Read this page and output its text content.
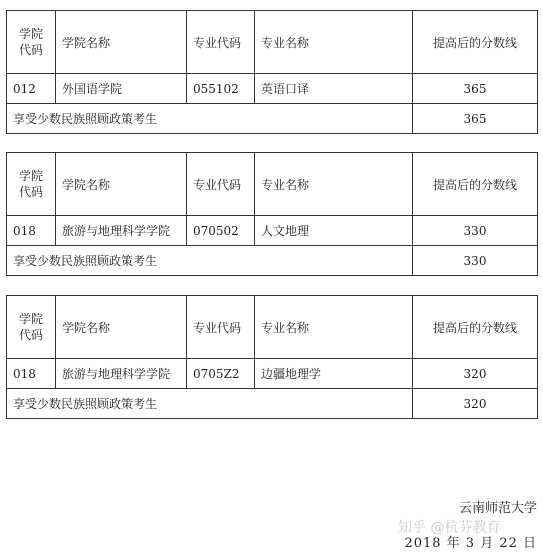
学院
代码	学院名称	专业代码	专业名称	提高后的分数线
012	外国语学院	055102	英语口译	365
享受少数民族照顾政策考生				365
学院
代码	学院名称	专业代码	专业名称	提高后的分数线
018	旅游与地理科学学院	070502	人文地理	330
享受少数民族照顾政策考生				330
学院
代码	学院名称	专业代码	专业名称	提高后的分数线
018	旅游与地理科学学院	0705Z2	边疆地理学	320
享受少数民族照顾政策考生				320
云南师范大学
知乎 @杭芬教育
2018 年 3 月 22 日
